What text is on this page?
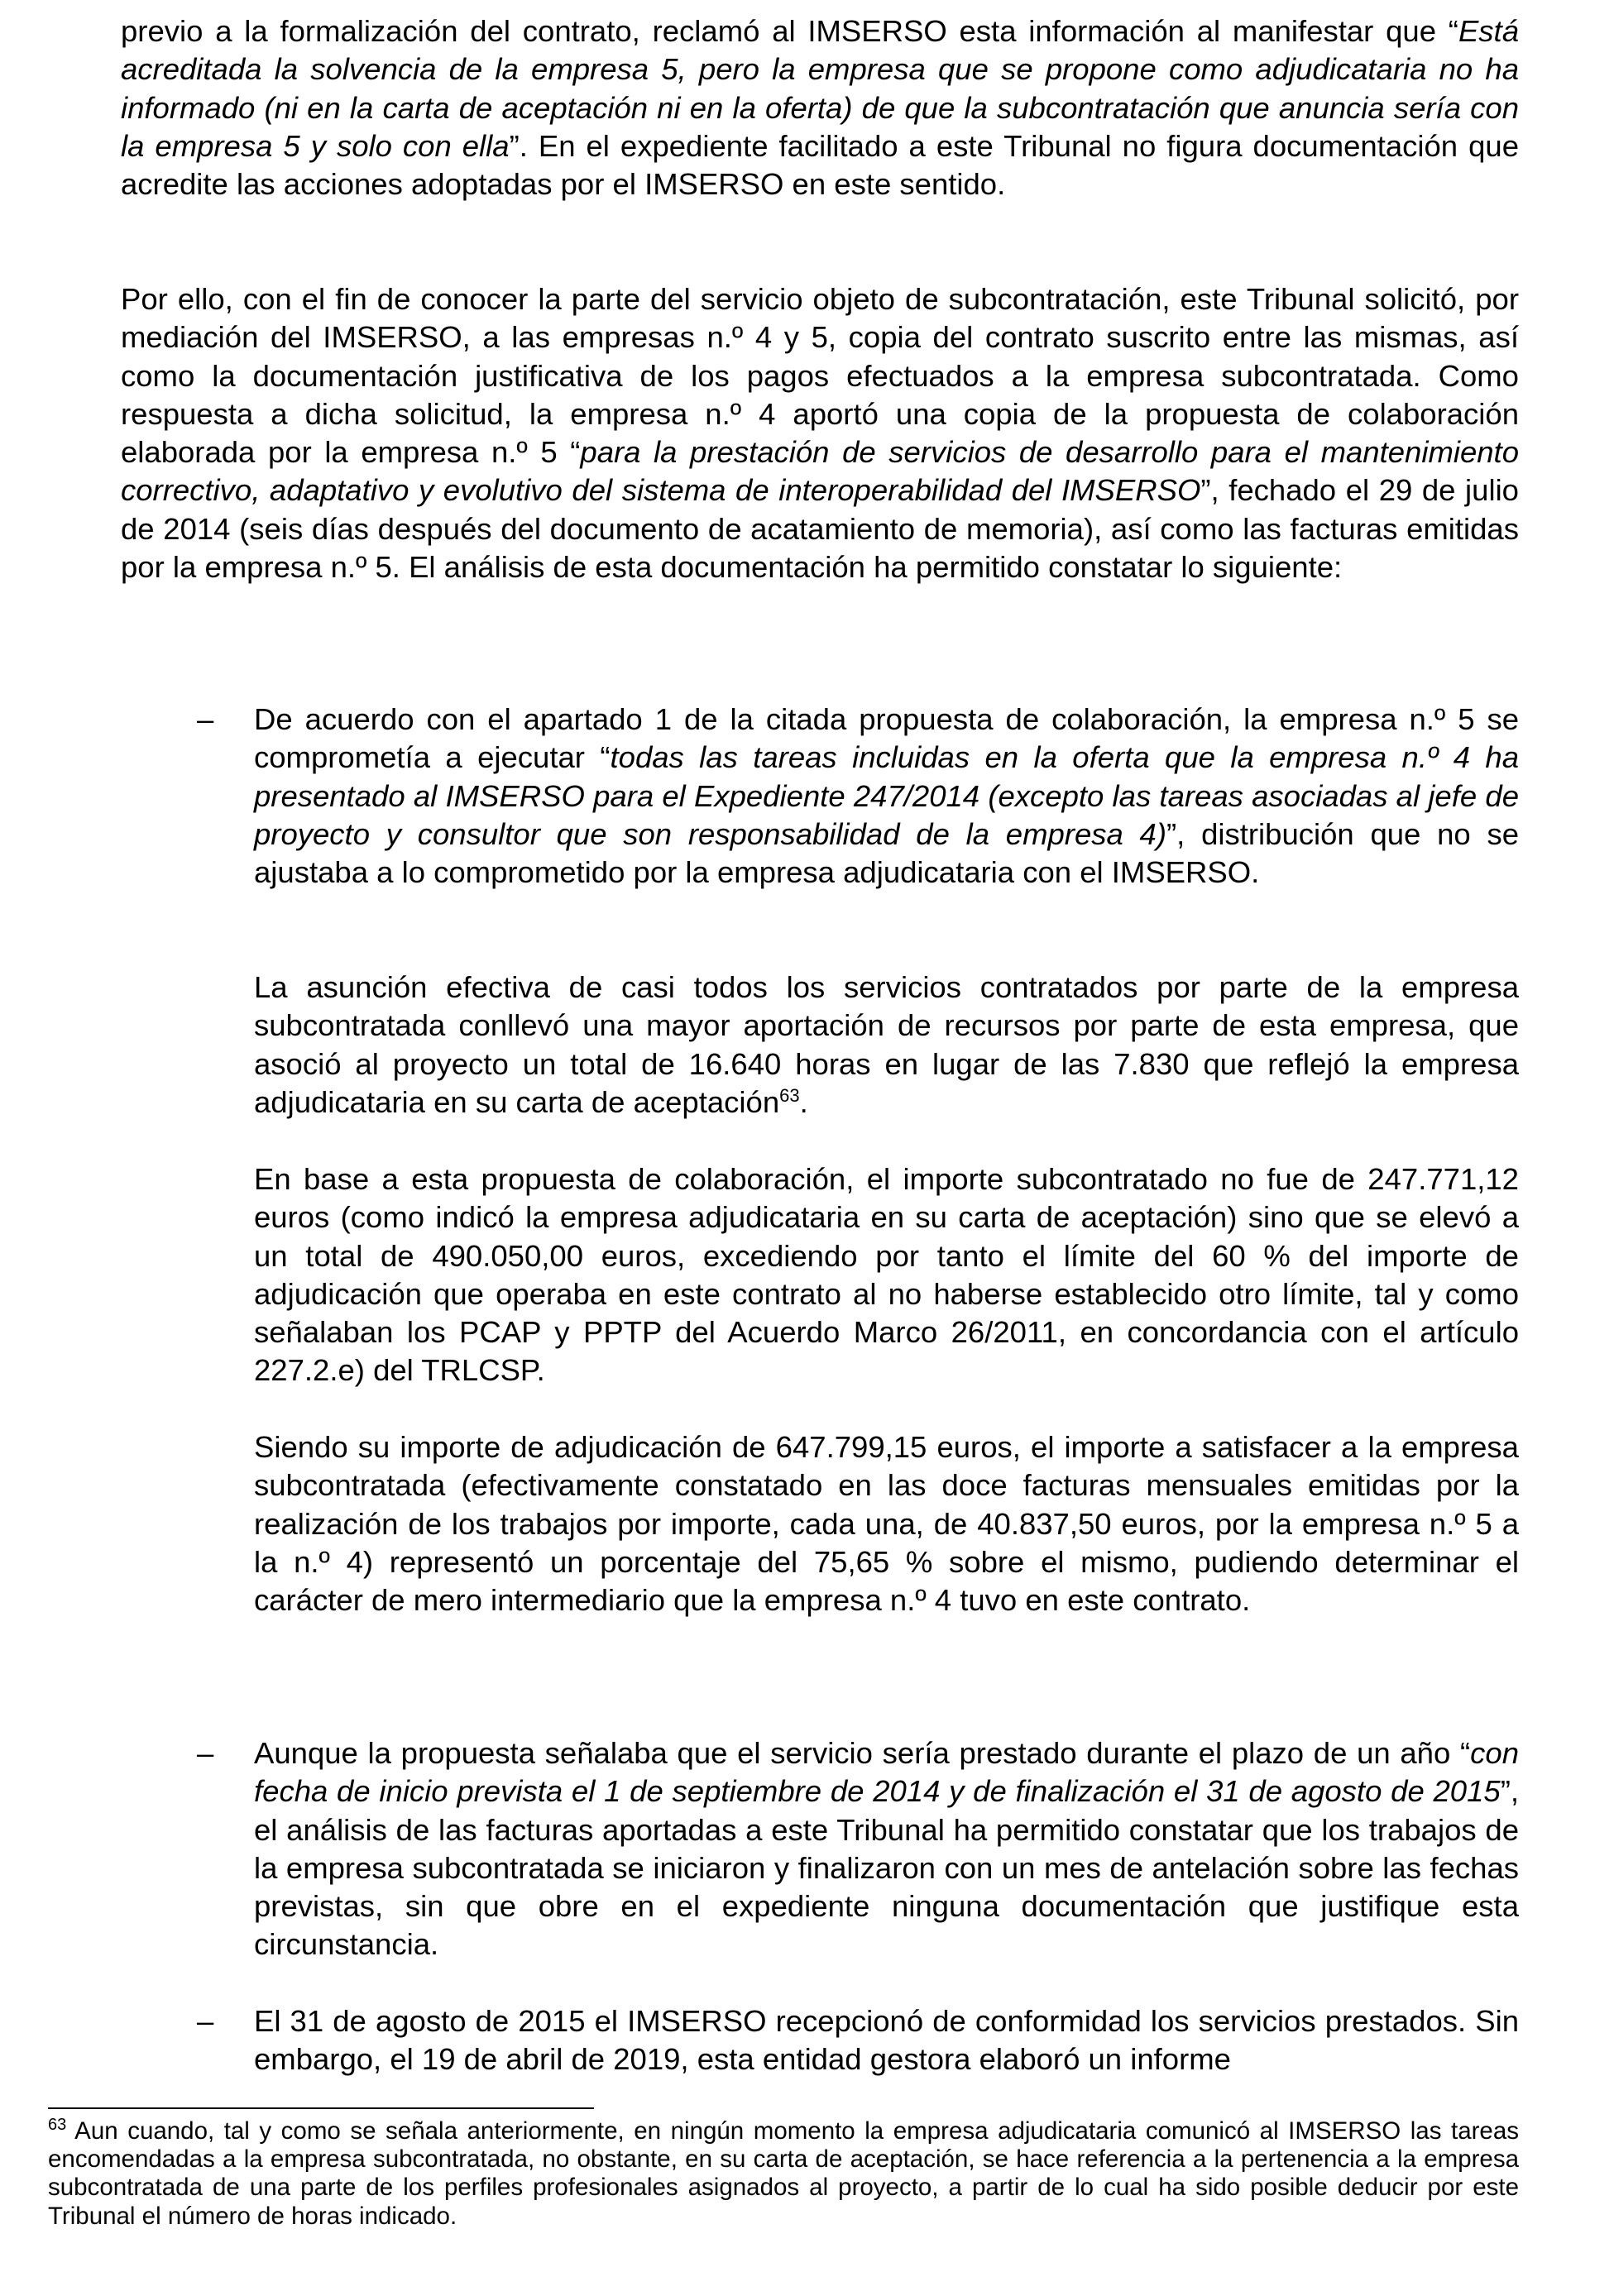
previo a la formalización del contrato, reclamó al IMSERSO esta información al manifestar que “Está acreditada la solvencia de la empresa 5, pero la empresa que se propone como adjudicataria no ha informado (ni en la carta de aceptación ni en la oferta) de que la subcontratación que anuncia sería con la empresa 5 y solo con ella”. En el expediente facilitado a este Tribunal no figura documentación que acredite las acciones adoptadas por el IMSERSO en este sentido.

Por ello, con el fin de conocer la parte del servicio objeto de subcontratación, este Tribunal solicitó, por mediación del IMSERSO, a las empresas n.º 4 y 5, copia del contrato suscrito entre las mismas, así como la documentación justificativa de los pagos efectuados a la empresa subcontratada. Como respuesta a dicha solicitud, la empresa n.º 4 aportó una copia de la propuesta de colaboración elaborada por la empresa n.º 5 “para la prestación de servicios de desarrollo para el mantenimiento correctivo, adaptativo y evolutivo del sistema de interoperabilidad del IMSERSO”, fechado el 29 de julio de 2014 (seis días después del documento de acatamiento de memoria), así como las facturas emitidas por la empresa n.º 5. El análisis de esta documentación ha permitido constatar lo siguiente:

– De acuerdo con el apartado 1 de la citada propuesta de colaboración, la empresa n.º 5 se comprometía a ejecutar “todas las tareas incluidas en la oferta que la empresa n.º 4 ha presentado al IMSERSO para el Expediente 247/2014 (excepto las tareas asociadas al jefe de proyecto y consultor que son responsabilidad de la empresa 4)”, distribución que no se ajustaba a lo comprometido por la empresa adjudicataria con el IMSERSO.

La asunción efectiva de casi todos los servicios contratados por parte de la empresa subcontratada conllevó una mayor aportación de recursos por parte de esta empresa, que asoció al proyecto un total de 16.640 horas en lugar de las 7.830 que reflejó la empresa adjudicataria en su carta de aceptación$^{63}$.

En base a esta propuesta de colaboración, el importe subcontratado no fue de 247.771,12 euros (como indicó la empresa adjudicataria en su carta de aceptación) sino que se elevó a un total de 490.050,00 euros, excediendo por tanto el límite del 60 % del importe de adjudicación que operaba en este contrato al no haberse establecido otro límite, tal y como señalaban los PCAP y PPTP del Acuerdo Marco 26/2011, en concordancia con el artículo 227.2.e) del TRLCSP.

Siendo su importe de adjudicación de 647.799,15 euros, el importe a satisfacer a la empresa subcontratada (efectivamente constatado en las doce facturas mensuales emitidas por la realización de los trabajos por importe, cada una, de 40.837,50 euros, por la empresa n.º 5 a la n.º 4) representó un porcentaje del 75,65 % sobre el mismo, pudiendo determinar el carácter de mero intermediario que la empresa n.º 4 tuvo en este contrato.

– Aunque la propuesta señalaba que el servicio sería prestado durante el plazo de un año “con fecha de inicio prevista el 1 de septiembre de 2014 y de finalización el 31 de agosto de 2015”, el análisis de las facturas aportadas a este Tribunal ha permitido constatar que los trabajos de la empresa subcontratada se iniciaron y finalizaron con un mes de antelación sobre las fechas previstas, sin que obre en el expediente ninguna documentación que justifique esta circunstancia.

– El 31 de agosto de 2015 el IMSERSO recepcionó de conformidad los servicios prestados. Sin embargo, el 19 de abril de 2019, esta entidad gestora elaboró un informe

$^{63}$ Aun cuando, tal y como se señala anteriormente, en ningún momento la empresa adjudicataria comunicó al IMSERSO las tareas encomendadas a la empresa subcontratada, no obstante, en su carta de aceptación, se hace referencia a la pertenencia a la empresa subcontratada de una parte de los perfiles profesionales asignados al proyecto, a partir de lo cual ha sido posible deducir por este Tribunal el número de horas indicado.
